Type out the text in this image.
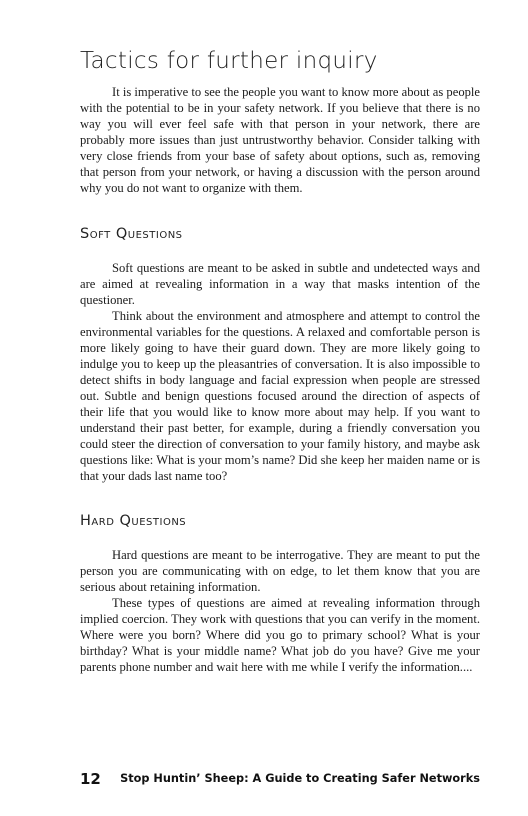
Tactics for further inquiry

It is imperative to see the people you want to know more about as people with the potential to be in your safety network. If you believe that there is no way you will ever feel safe with that person in your network, there are probably more issues than just untrustworthy behavior. Consider talking with very close friends from your base of safety about options, such as, removing that person from your network, or having a discussion with the person around why you do not want to organize with them.

Soft Questions

Soft questions are meant to be asked in subtle and undetected ways and are aimed at revealing information in a way that masks intention of the questioner.

Think about the environment and atmosphere and attempt to control the environmental variables for the questions. A relaxed and comfortable person is more likely going to have their guard down. They are more likely going to indulge you to keep up the pleasantries of conversation. It is also impossible to detect shifts in body language and facial expression when people are stressed out. Subtle and benign questions focused around the direction of aspects of their life that you would like to know more about may help. If you want to understand their past better, for example, during a friendly conversation you could steer the direction of conversation to your family history, and maybe ask questions like: What is your mom’s name? Did she keep her maiden name or is that your dads last name too?

Hard Questions

Hard questions are meant to be interrogative. They are meant to put the person you are communicating with on edge, to let them know that you are serious about retaining information.

These types of questions are aimed at revealing information through implied coercion. They work with questions that you can verify in the moment. Where were you born? Where did you go to primary school? What is your birthday? What is your middle name? What job do you have? Give me your parents phone number and wait here with me while I verify the information....

12 Stop Huntin’ Sheep: A Guide to Creating Safer Networks
